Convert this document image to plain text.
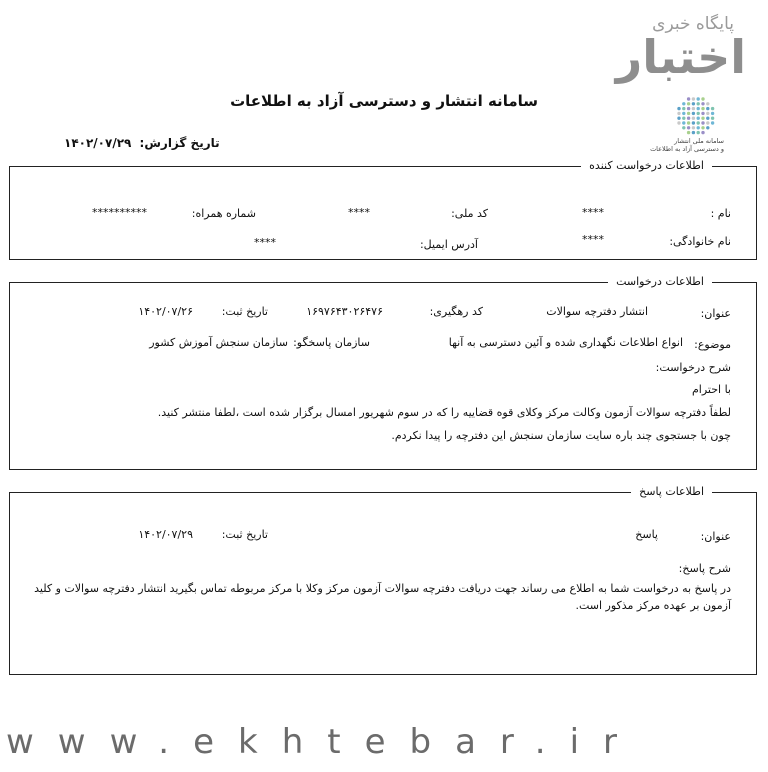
پایگاه خبری
اختبار
سامانه انتشار و دسترسی آزاد به اطلاعات
سامانه ملی انتشار
و دسترسی آزاد به اطلاعات
تاریخ گزارش: ۱۴۰۲/۰۷/۲۹
اطلاعات درخواست کننده
نام :
****
کد ملی:
****
شماره همراه:
**********
نام خانوادگی:
****
آدرس ایمیل:
****
اطلاعات درخواست
عنوان:
انتشار دفترچه سوالات
کد رهگیری:
۱۶۹۷۶۴۳۰۲۶۴۷۶
تاریخ ثبت:
۱۴۰۲/۰۷/۲۶
موضوع:
انواع اطلاعات نگهداری شده و آئین دسترسی به آنها
سازمان پاسخگو:
سازمان سنجش آموزش کشور
شرح درخواست:
با احترام
لطفاً دفترچه سوالات آزمون وکالت مرکز وکلای قوه قضاییه را که در سوم شهریور امسال برگزار شده است ،لطفا منتشر کنید.
چون با جستجوی چند باره سایت سازمان سنجش این دفترچه را پیدا نکردم.
اطلاعات پاسخ
عنوان:
پاسخ
تاریخ ثبت:
۱۴۰۲/۰۷/۲۹
شرح پاسخ:
در پاسخ به درخواست شما به اطلاع می رساند جهت دریافت دفترچه سوالات آزمون مرکز وکلا با مرکز مربوطه تماس بگیرید انتشار دفترچه سوالات و کلید
آزمون بر عهده مرکز مذکور است.
www.ekhtebar.ir
